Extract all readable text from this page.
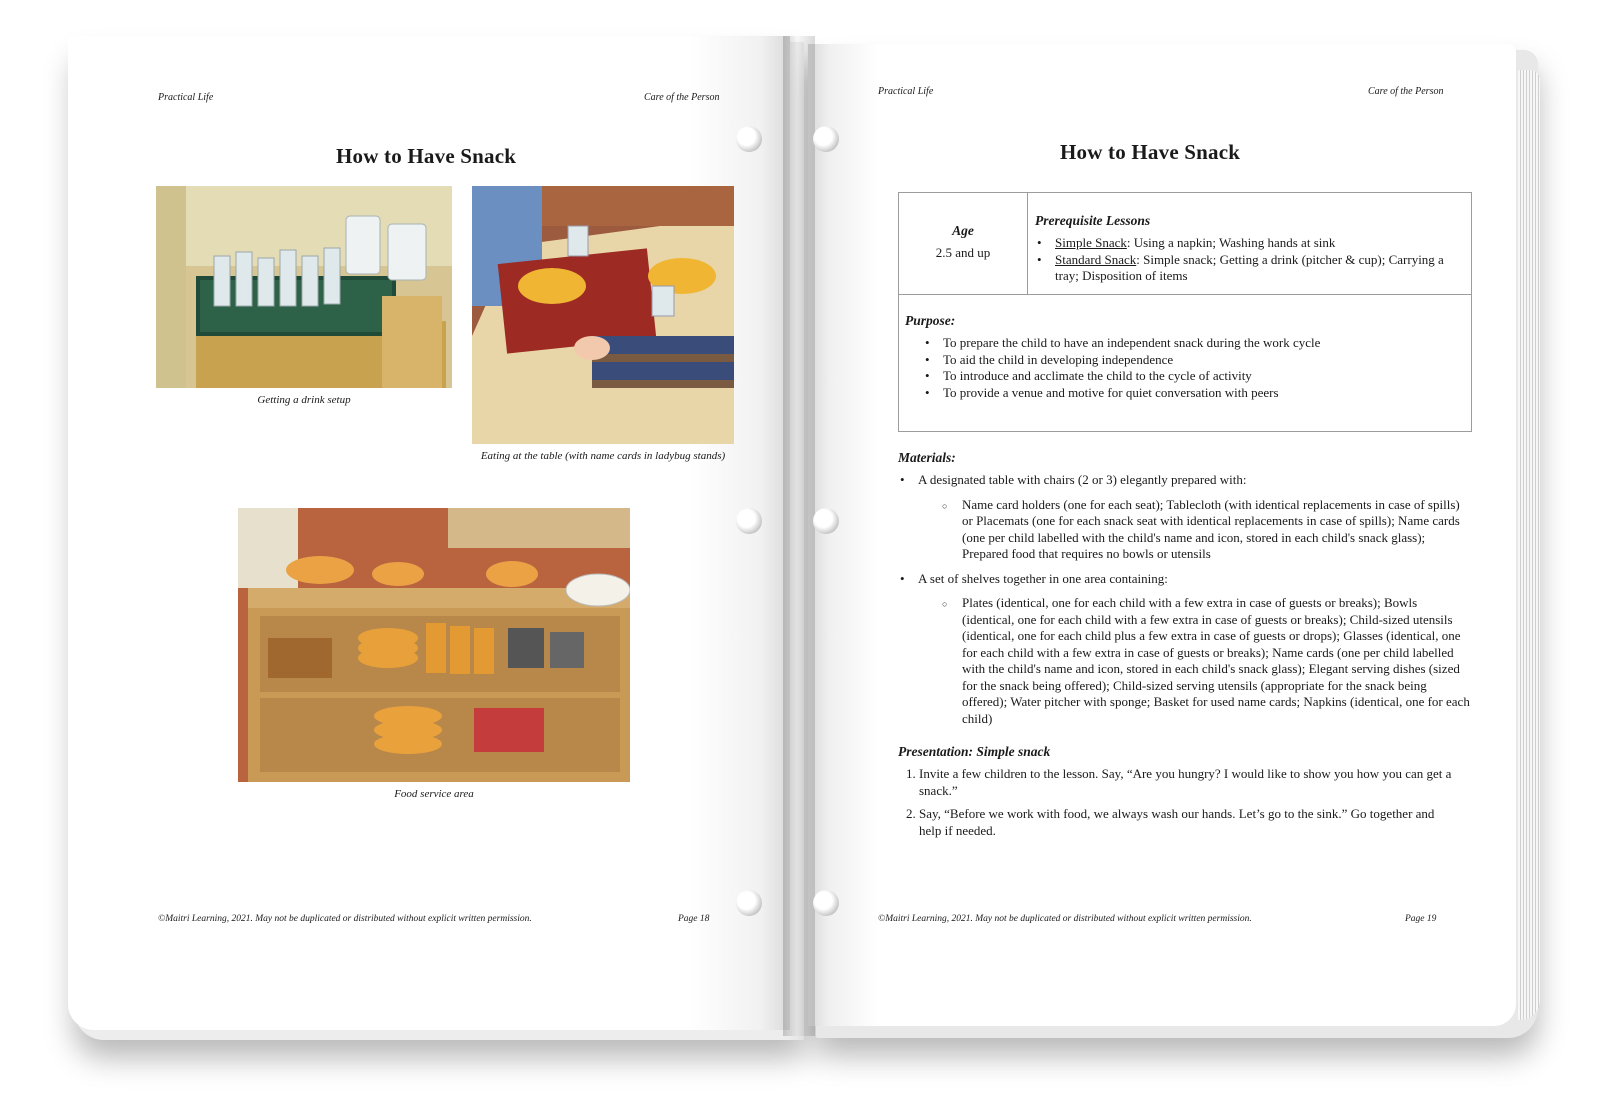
Practical Life	Care of the Person
How to Have Snack
Getting a drink setup
Eating at the table (with name cards in ladybug stands)
Food service area
©Maitri Learning, 2021. May not be duplicated or distributed without explicit written permission.	Page 18
Practical Life	Care of the Person
How to Have Snack
Age
2.5 and up
Prerequisite Lessons
• Simple Snack: Using a napkin; Washing hands at sink
• Standard Snack: Simple snack; Getting a drink (pitcher & cup); Carrying a tray; Disposition of items
Purpose:
• To prepare the child to have an independent snack during the work cycle
• To aid the child in developing independence
• To introduce and acclimate the child to the cycle of activity
• To provide a venue and motive for quiet conversation with peers
Materials:
• A designated table with chairs (2 or 3) elegantly prepared with:
○ Name card holders (one for each seat); Tablecloth (with identical replacements in case of spills) or Placemats (one for each snack seat with identical replacements in case of spills); Name cards (one per child labelled with the child's name and icon, stored in each child's snack glass); Prepared food that requires no bowls or utensils
• A set of shelves together in one area containing:
○ Plates (identical, one for each child with a few extra in case of guests or breaks); Bowls (identical, one for each child with a few extra in case of guests or breaks); Child-sized utensils (identical, one for each child plus a few extra in case of guests or drops); Glasses (identical, one for each child with a few extra in case of guests or breaks); Name cards (one per child labelled with the child's name and icon, stored in each child's snack glass); Elegant serving dishes (sized for the snack being offered); Child-sized serving utensils (appropriate for the snack being offered); Water pitcher with sponge; Basket for used name cards; Napkins (identical, one for each child)
Presentation: Simple snack
1. Invite a few children to the lesson. Say, “Are you hungry? I would like to show you how you can get a snack.”
2. Say, “Before we work with food, we always wash our hands. Let’s go to the sink.” Go together and help if needed.
©Maitri Learning, 2021. May not be duplicated or distributed without explicit written permission.	Page 19
